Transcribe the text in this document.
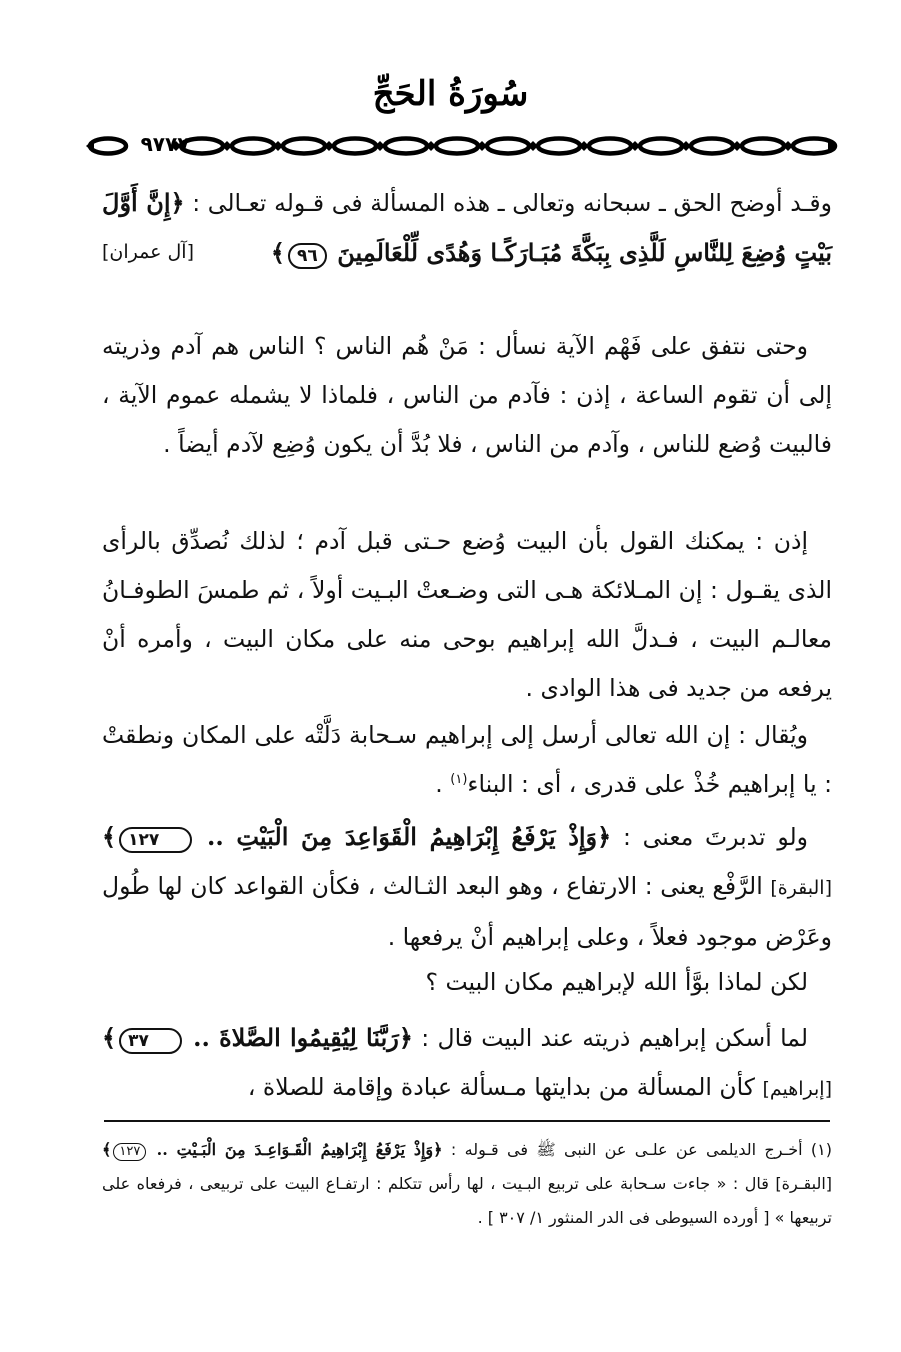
سُورَةُ الحَجِّ
٩٧٧٧

وقـد أوضح الحق ـ سبحانه وتعالى ـ هذه المسألة فى قـوله تعـالى : ﴿إِنَّ أَوَّلَ بَيْتٍ وُضِعَ لِلنَّاسِ لَلَّذِى بِبَكَّةَ مُبَـارَكًـا وَهُدًى لِّلْعَالَمِينَ ٩٦﴾
[آل عمران]

وحتى نتفق على فَهْم الآية نسأل : مَنْ هُم الناس ؟ الناس هم آدم وذريته إلى أن تقوم الساعة ، إذن : فآدم من الناس ، فلماذا لا يشمله عموم الآية ، فالبيت وُضع للناس ، وآدم من الناس ، فلا بُدَّ أن يكون وُضِع لآدم أيضاً .

إذن : يمكنك القول بأن البيت وُضع حـتى قبل آدم ؛ لذلك نُصدِّق بالرأى الذى يقـول : إن المـلائكة هـى التى وضـعتْ البـيت أولاً ، ثم طمسَ الطوفـانُ معالـم البيت ، فـدلَّ الله إبراهيم بوحى منه على مكان البيت ، وأمره أنْ يرفعه من جديد فى هذا الوادى .

ويُقال : إن الله تعالى أرسل إلى إبراهيم سـحابة دَلَّتْه على المكان ونطقتْ : يا إبراهيم خُذْ على قدرى ، أى : البناء$^{(١)}$ .

ولو تدبرتَ معنى : ﴿وَإِذْ يَرْفَعُ إِبْرَاهِيمُ الْقَوَاعِدَ مِنَ الْبَيْتِ .. ١٢٧﴾ [البقرة] الرَّفْع يعنى : الارتفاع ، وهو البعد الثـالث ، فكأن القواعد كان لها طُول وعَرْض موجود فعلاً ، وعلى إبراهيم أنْ يرفعها .

لكن لماذا بوَّأ الله لإبراهيم مكان البيت ؟

لما أسكن إبراهيم ذريته عند البيت قال : ﴿رَبَّنَا لِيُقِيمُوا الصَّلاةَ .. ٣٧﴾ [إبراهيم] كأن المسألة من بدايتها مـسألة عبادة وإقامة للصلاة ،

(١) أخـرج الديلمى عن علـى عن النبى ﷺ فى قـوله : ﴿وَإِذْ يَرْفَعُ إِبْرَاهِيمُ الْقَـوَاعِـدَ مِنَ الْبَـيْتِ .. ١٢٧﴾ [البقـرة] قال : « جاءت سـحابة على تربيع البـيت ، لها رأس تتكلم : ارتفـاع البيت على تربيعى ، فرفعاه على تربيعها » [ أورده السيوطى فى الدر المنثور ١/ ٣٠٧ ] .
